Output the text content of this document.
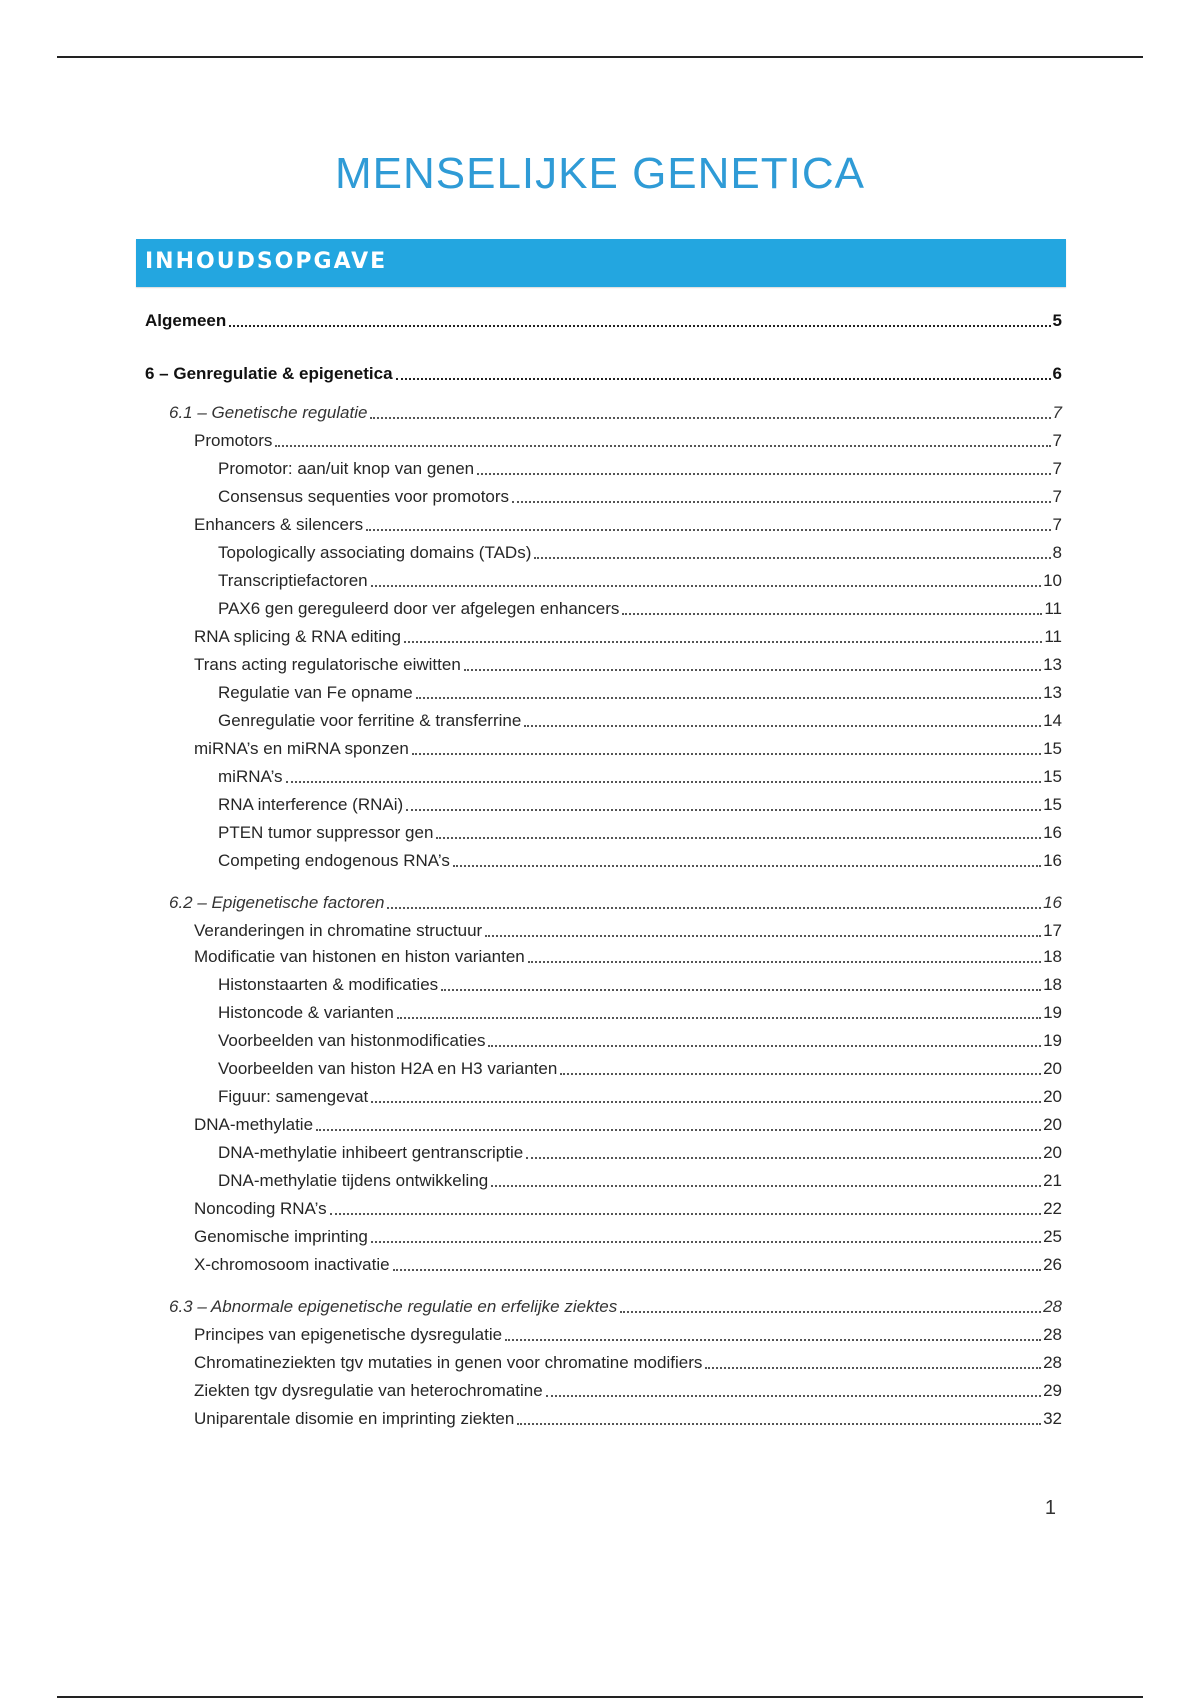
MENSELIJKE GENETICA
INHOUDSOPGAVE
Algemeen	5
6 – Genregulatie & epigenetica	6
6.1 – Genetische regulatie	7
Promotors	7
Promotor: aan/uit knop van genen	7
Consensus sequenties voor promotors	7
Enhancers & silencers	7
Topologically associating domains (TADs)	8
Transcriptiefactoren	10
PAX6 gen gereguleerd door ver afgelegen enhancers	11
RNA splicing & RNA editing	11
Trans acting regulatorische eiwitten	13
Regulatie van Fe opname	13
Genregulatie voor ferritine & transferrine	14
miRNA’s en miRNA sponzen	15
miRNA’s	15
RNA interference (RNAi)	15
PTEN tumor suppressor gen	16
Competing endogenous RNA’s	16
6.2 – Epigenetische factoren	16
Veranderingen in chromatine structuur	17
Modificatie van histonen en histon varianten	18
Histonstaarten & modificaties	18
Histoncode & varianten	19
Voorbeelden van histonmodificaties	19
Voorbeelden van histon H2A en H3 varianten	20
Figuur: samengevat	20
DNA-methylatie	20
DNA-methylatie inhibeert gentranscriptie	20
DNA-methylatie tijdens ontwikkeling	21
Noncoding RNA’s	22
Genomische imprinting	25
X-chromosoom inactivatie	26
6.3 – Abnormale epigenetische regulatie en erfelijke ziektes	28
Principes van epigenetische dysregulatie	28
Chromatineziekten tgv mutaties in genen voor chromatine modifiers	28
Ziekten tgv dysregulatie van heterochromatine	29
Uniparentale disomie en imprinting ziekten	32
1
